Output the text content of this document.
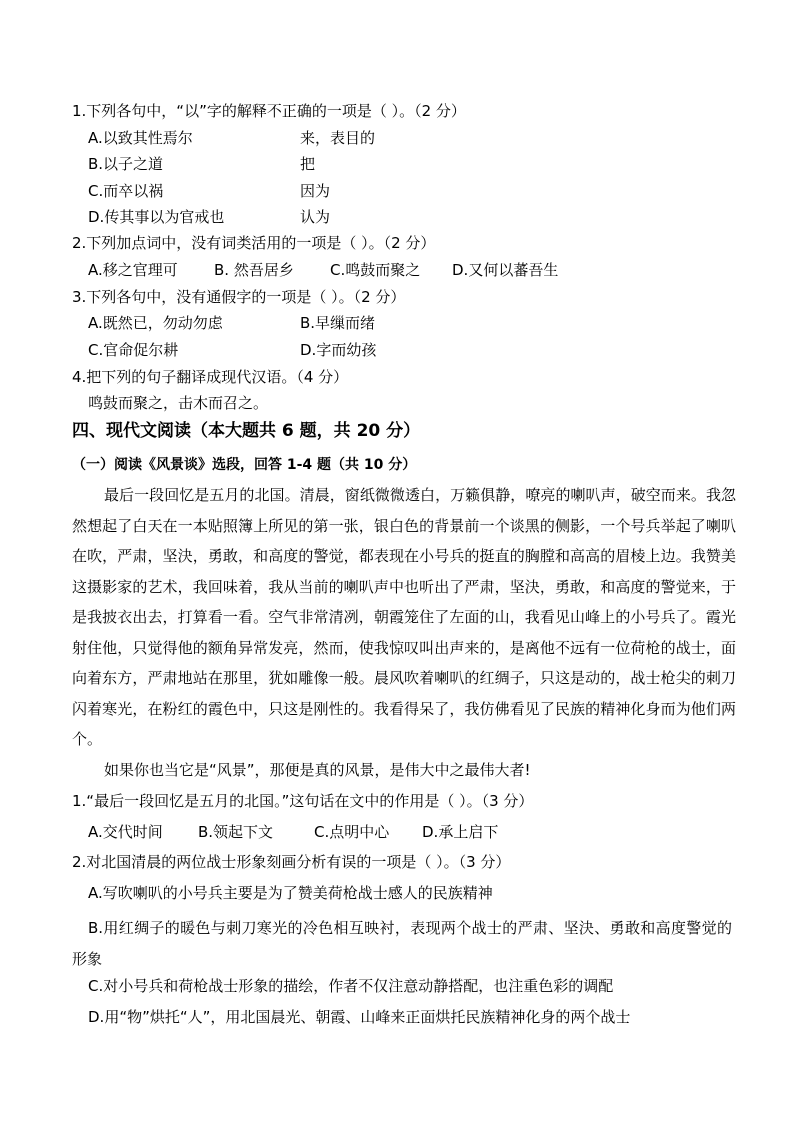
1.下列各句中，“以”字的解释不正确的一项是（ ）。（2 分）
A.以致其性焉尔	来，表目的
B.以子之道	把
C.而卒以祸	因为
D.传其事以为官戒也	认为
2.下列加点词中，没有词类活用的一项是（ ）。（2 分）
A.移之官理可 B. 然吾居乡 C.鸣鼓而聚之 D.又何以蕃吾生
3.下列各句中，没有通假字的一项是（ ）。（2 分）
A.既然已，勿动勿虑	B.早缫而绪
C.官命促尔耕	D.字而幼孩
4.把下列的句子翻译成现代汉语。（4 分）
鸣鼓而聚之，击木而召之。
四、现代文阅读（本大题共 6 题，共 20 分）
（一）阅读《风景谈》选段，回答 1-4 题（共 10 分）

最后一段回忆是五月的北国。清晨，窗纸微微透白，万籁俱静，嘹亮的喇叭声，破空而来。我忽然想起了白天在一本贴照簿上所见的第一张，银白色的背景前一个谈黑的侧影，一个号兵举起了喇叭在吹，严肃，坚決，勇敢，和高度的警觉，都表现在小号兵的挺直的胸膛和高高的眉棱上边。我赞美这摄影家的艺术，我回味着，我从当前的喇叭声中也听出了严肃，坚決，勇敢，和高度的警觉来，于是我披衣出去，打算看一看。空气非常清冽，朝霞笼住了左面的山，我看见山峰上的小号兵了。霞光射住他，只觉得他的额角异常发亮，然而，使我惊叹叫出声来的，是离他不远有一位荷枪的战士，面向着东方，严肃地站在那里，犹如雕像一般。晨风吹着喇叭的红绸子，只这是动的，战士枪尖的刺刀闪着寒光，在粉红的霞色中，只这是刚性的。我看得呆了，我仿佛看见了民族的精神化身而为他们两个。

如果你也当它是“风景”，那便是真的风景，是伟大中之最伟大者!

1.“最后一段回忆是五月的北国。”这句话在文中的作用是（ ）。（3 分）
A.交代时间 B.领起下文	C.点明中心 D.承上启下
2.对北国清晨的两位战士形象刻画分析有误的一项是（ ）。（3 分）
A.写吹喇叭的小号兵主要是为了赞美荷枪战士感人的民族精神

B.用红绸子的暖色与刺刀寒光的冷色相互映衬，表现两个战士的严肃、坚決、勇敢和高度警觉的形象

C.对小号兵和荷枪战士形象的描绘，作者不仅注意动静搭配，也注重色彩的调配
D.用“物”烘托“人”，用北国晨光、朝霞、山峰来正面烘托民族精神化身的两个战士
